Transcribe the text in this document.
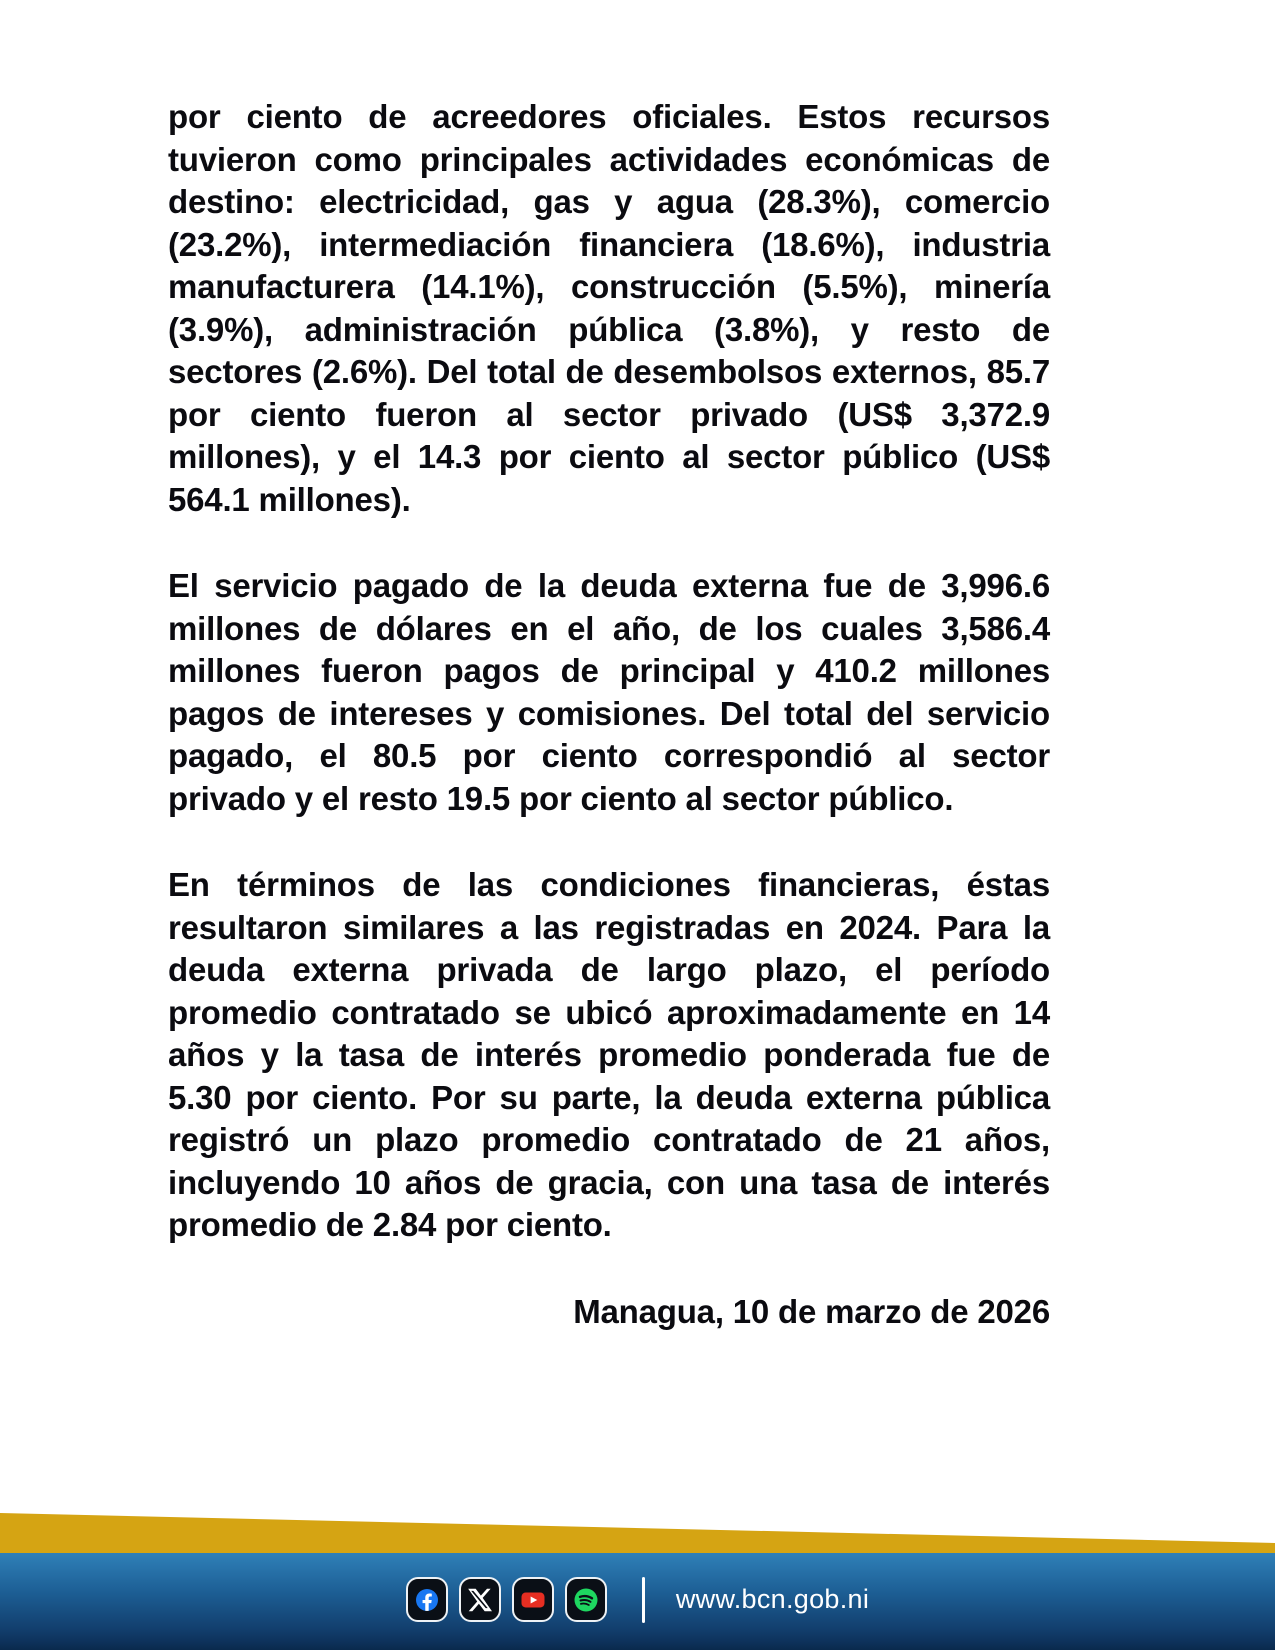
por ciento de acreedores oficiales. Estos recursos tuvieron como principales actividades económicas de destino: electricidad, gas y agua (28.3%), comercio (23.2%), intermediación financiera (18.6%), industria manufacturera (14.1%), construcción (5.5%), minería (3.9%), administración pública (3.8%), y resto de sectores (2.6%). Del total de desembolsos externos, 85.7 por ciento fueron al sector privado (US$ 3,372.9 millones), y el 14.3 por ciento al sector público (US$ 564.1 millones).

El servicio pagado de la deuda externa fue de 3,996.6 millones de dólares en el año, de los cuales 3,586.4 millones fueron pagos de principal y 410.2 millones pagos de intereses y comisiones. Del total del servicio pagado, el 80.5 por ciento correspondió al sector privado y el resto 19.5 por ciento al sector público.

En términos de las condiciones financieras, éstas resultaron similares a las registradas en 2024. Para la deuda externa privada de largo plazo, el período promedio contratado se ubicó aproximadamente en 14 años y la tasa de interés promedio ponderada fue de 5.30 por ciento. Por su parte, la deuda externa pública registró un plazo promedio contratado de 21 años, incluyendo 10 años de gracia, con una tasa de interés promedio de 2.84 por ciento.

Managua, 10 de marzo de 2026

www.bcn.gob.ni
